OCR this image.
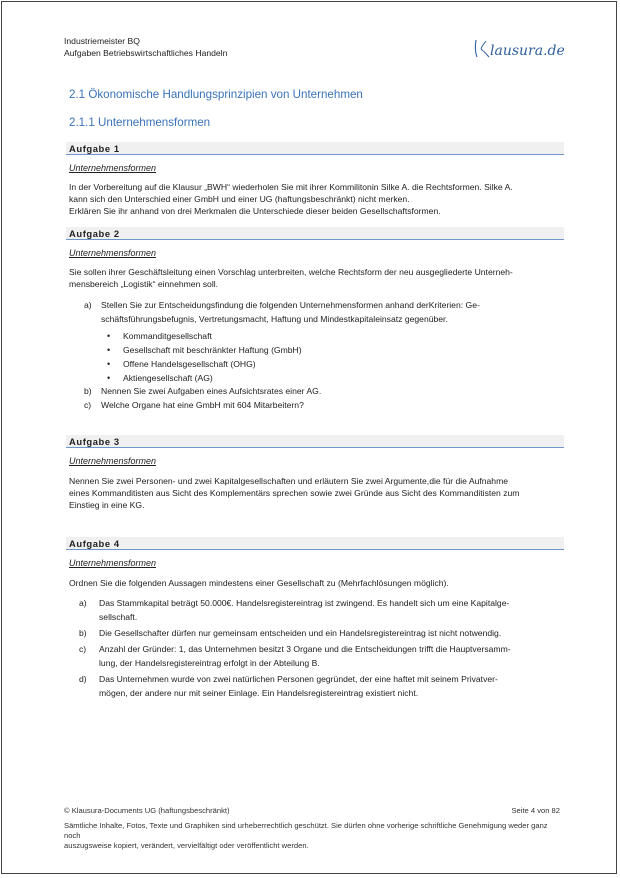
Industriemeister BQ
Aufgaben Betriebswirtschaftliches Handeln	lausura.de
2.1 Ökonomische Handlungsprinzipien von Unternehmen
2.1.1 Unternehmensformen
Aufgabe 1
Unternehmensformen
In der Vorbereitung auf die Klausur „BWH“ wiederholen Sie mit ihrer Kommilitonin Silke A. die Rechtsformen. Silke A.
kann sich den Unterschied einer GmbH und einer UG (haftungsbeschränkt) nicht merken.
Erklären Sie ihr anhand von drei Merkmalen die Unterschiede dieser beiden Gesellschaftsformen.
Aufgabe 2
Unternehmensformen
Sie sollen ihrer Geschäftsleitung einen Vorschlag unterbreiten, welche Rechtsform der neu ausgegliederte Unterneh-
mensbereich „Logistik“ einnehmen soll.
a) Stellen Sie zur Entscheidungsfindung die folgenden Unternehmensformen anhand derKriterien: Ge-
schäftsführungsbefugnis, Vertretungsmacht, Haftung und Mindestkapitaleinsatz gegenüber.
• Kommanditgesellschaft
• Gesellschaft mit beschränkter Haftung (GmbH)
• Offene Handelsgesellschaft (OHG)
• Aktiengesellschaft (AG)
b) Nennen Sie zwei Aufgaben eines Aufsichtsrates einer AG.
c) Welche Organe hat eine GmbH mit 604 Mitarbeitern?
Aufgabe 3
Unternehmensformen
Nennen Sie zwei Personen- und zwei Kapitalgesellschaften und erläutern Sie zwei Argumente,die für die Aufnahme
eines Kommanditisten aus Sicht des Komplementärs sprechen sowie zwei Gründe aus Sicht des Kommanditisten zum
Einstieg in eine KG.
Aufgabe 4
Unternehmensformen
Ordnen Sie die folgenden Aussagen mindestens einer Gesellschaft zu (Mehrfachlösungen möglich).
a) Das Stammkapital beträgt 50.000€. Handelsregistereintrag ist zwingend. Es handelt sich um eine Kapitalge-
sellschaft.
b) Die Gesellschafter dürfen nur gemeinsam entscheiden und ein Handelsregistereintrag ist nicht notwendig.
c) Anzahl der Gründer: 1, das Unternehmen besitzt 3 Organe und die Entscheidungen trifft die Hauptversamm-
lung, der Handelsregistereintrag erfolgt in der Abteilung B.
d) Das Unternehmen wurde von zwei natürlichen Personen gegründet, der eine haftet mit seinem Privatver-
mögen, der andere nur mit seiner Einlage. Ein Handelsregistereintrag existiert nicht.
© Klausura-Documents UG (haftungsbeschränkt)	Seite 4 von 82
Sämtliche Inhalte, Fotos, Texte und Graphiken sind urheberrechtlich geschützt. Sie dürfen ohne vorherige schriftliche Genehmigung weder ganz noch
auszugsweise kopiert, verändert, vervielfältigt oder veröffentlicht werden.
